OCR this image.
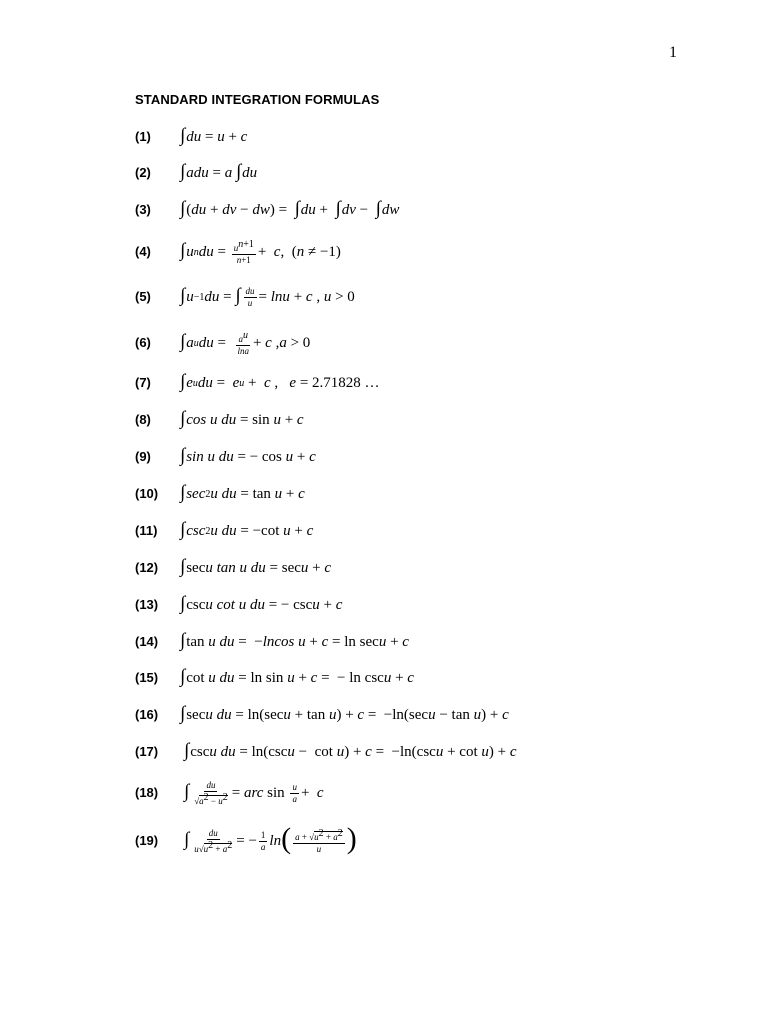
1
STANDARD INTEGRATION FORMULAS
(1) ∫ du = u + c
(2) ∫ adu = a
∫ du
(3) ∫ ( du + dv − dw ) = ∫ du + ∫ dv − ∫ dw
(4) ∫ u n du = $u^{n+1}$
n+1 + c ,  ( n ≠ −1)
(5) ∫ u −1 du = ∫ du
u = lnu + c , u > 0
(6) ∫ a u du = $a^u$
lna + c , a > 0
(7) ∫ e u du = e u + c , e = 2.71828 …
(8) ∫ cos u du = sin u + c
(9) ∫ sin u du = − cos u + c
(10) ∫ sec 2 u du = tan u + c
(11) ∫ csc 2 u du = −cot u + c
(12) ∫ sec u tan u du = sec u + c
(13) ∫ csc u cot u du = − csc u + c
(14) ∫ tan u du =  − lncos u + c = ln sec u + c
(15) ∫ cot u du = ln sin u + c =  − ln csc u + c
(16) ∫ sec u du = ln(sec u + tan u ) + c =  −ln(sec u − tan u ) + c
(17) ∫ csc u du = ln(csc u −  cot u ) + c =  −ln(csc u + cot u ) + c
(18) ∫ du
$√a^2 - u^2$ = arc sin u
a + c
(19) ∫ du
$u√u^2 + a^2$ = − 1
a ln ( $a + √u^2 + a^2$
u )
